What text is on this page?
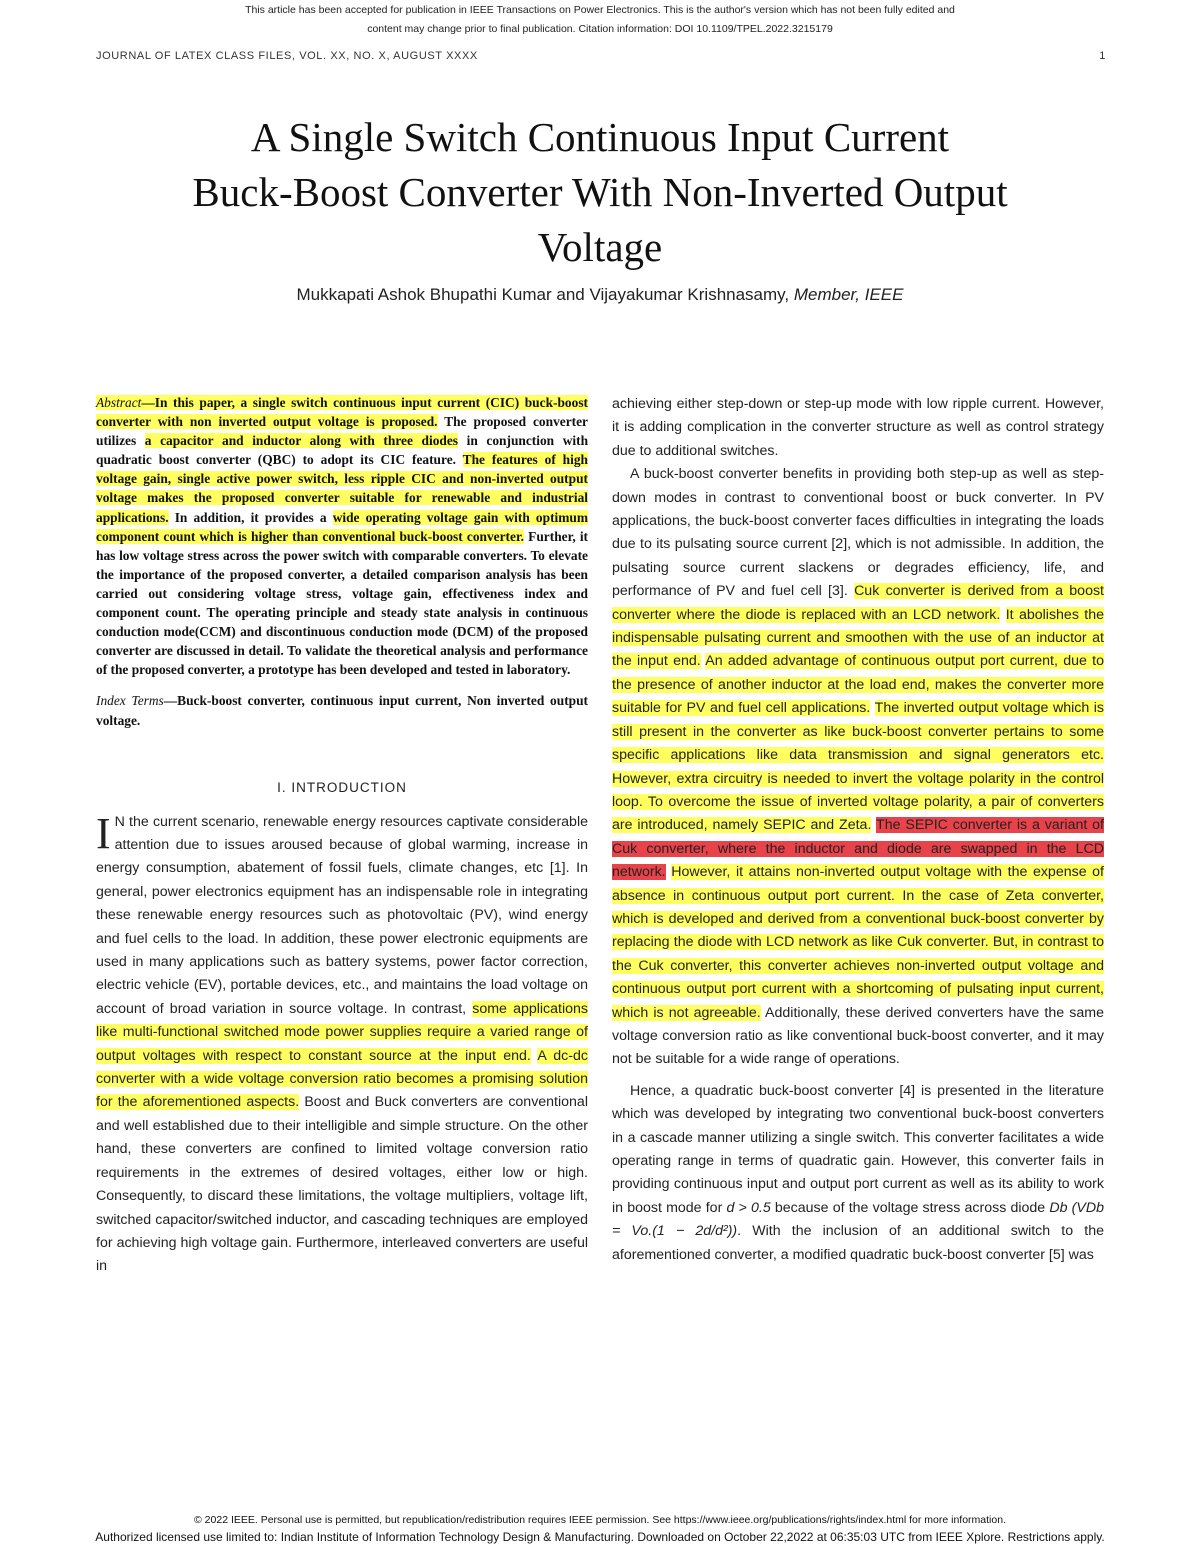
This article has been accepted for publication in IEEE Transactions on Power Electronics. This is the author's version which has not been fully edited and
content may change prior to final publication. Citation information: DOI 10.1109/TPEL.2022.3215179
JOURNAL OF LATEX CLASS FILES, VOL. XX, NO. X, AUGUST XXXX	1
A Single Switch Continuous Input Current
Buck-Boost Converter With Non-Inverted Output
Voltage
Mukkapati Ashok Bhupathi Kumar and Vijayakumar Krishnasamy, Member, IEEE

Abstract—In this paper, a single switch continuous input current (CIC) buck-boost converter with non inverted output voltage is proposed. The proposed converter utilizes a capacitor and inductor along with three diodes in conjunction with quadratic boost converter (QBC) to adopt its CIC feature. The features of high voltage gain, single active power switch, less ripple CIC and non-inverted output voltage makes the proposed converter suitable for renewable and industrial applications. In addition, it provides a wide operating voltage gain with optimum component count which is higher than conventional buck-boost converter. Further, it has low voltage stress across the power switch with comparable converters. To elevate the importance of the proposed converter, a detailed comparison analysis has been carried out considering voltage stress, voltage gain, effectiveness index and component count. The operating principle and steady state analysis in continuous conduction mode(CCM) and discontinuous conduction mode (DCM) of the proposed converter are discussed in detail. To validate the theoretical analysis and performance of the proposed converter, a prototype has been developed and tested in laboratory.

Index Terms—Buck-boost converter, continuous input current, Non inverted output voltage.

I. INTRODUCTION

I N the current scenario, renewable energy resources captivate considerable attention due to issues aroused because of global warming, increase in energy consumption, abatement of fossil fuels, climate changes, etc [1]. In general, power electronics equipment has an indispensable role in integrating these renewable energy resources such as photovoltaic (PV), wind energy and fuel cells to the load. In addition, these power electronic equipments are used in many applications such as battery systems, power factor correction, electric vehicle (EV), portable devices, etc., and maintains the load voltage on account of broad variation in source voltage. In contrast, some applications like multi-functional switched mode power supplies require a varied range of output voltages with respect to constant source at the input end. A dc-dc converter with a wide voltage conversion ratio becomes a promising solution for the aforementioned aspects. Boost and Buck converters are conventional and well established due to their intelligible and simple structure. On the other hand, these converters are confined to limited voltage conversion ratio requirements in the extremes of desired voltages, either low or high. Consequently, to discard these limitations, the voltage multipliers, voltage lift, switched capacitor/switched inductor, and cascading techniques are employed for achieving high voltage gain. Furthermore, interleaved converters are useful in

achieving either step-down or step-up mode with low ripple current. However, it is adding complication in the converter structure as well as control strategy due to additional switches.

A buck-boost converter benefits in providing both step-up as well as step-down modes in contrast to conventional boost or buck converter. In PV applications, the buck-boost converter faces difficulties in integrating the loads due to its pulsating source current [2], which is not admissible. In addition, the pulsating source current slackens or degrades efficiency, life, and performance of PV and fuel cell [3]. Cuk converter is derived from a boost converter where the diode is replaced with an LCD network. It abolishes the indispensable pulsating current and smoothen with the use of an inductor at the input end. An added advantage of continuous output port current, due to the presence of another inductor at the load end, makes the converter more suitable for PV and fuel cell applications. The inverted output voltage which is still present in the converter as like buck-boost converter pertains to some specific applications like data transmission and signal generators etc. However, extra circuitry is needed to invert the voltage polarity in the control loop. To overcome the issue of inverted voltage polarity, a pair of converters are introduced, namely SEPIC and Zeta. The SEPIC converter is a variant of Cuk converter, where the inductor and diode are swapped in the LCD network. However, it attains non-inverted output voltage with the expense of absence in continuous output port current. In the case of Zeta converter, which is developed and derived from a conventional buck-boost converter by replacing the diode with LCD network as like Cuk converter. But, in contrast to the Cuk converter, this converter achieves non-inverted output voltage and continuous output port current with a shortcoming of pulsating input current, which is not agreeable. Additionally, these derived converters have the same voltage conversion ratio as like conventional buck-boost converter, and it may not be suitable for a wide range of operations.

Hence, a quadratic buck-boost converter [4] is presented in the literature which was developed by integrating two conventional buck-boost converters in a cascade manner utilizing a single switch. This converter facilitates a wide operating range in terms of quadratic gain. However, this converter fails in providing continuous input and output port current as well as its ability to work in boost mode for d > 0.5 because of the voltage stress across diode Db (VDb = Vo.(1 − 2d/d²)). With the inclusion of an additional switch to the aforementioned converter, a modified quadratic buck-boost converter [5] was

© 2022 IEEE. Personal use is permitted, but republication/redistribution requires IEEE permission. See https://www.ieee.org/publications/rights/index.html for more information.
Authorized licensed use limited to: Indian Institute of Information Technology Design & Manufacturing. Downloaded on October 22,2022 at 06:35:03 UTC from IEEE Xplore. Restrictions apply.
